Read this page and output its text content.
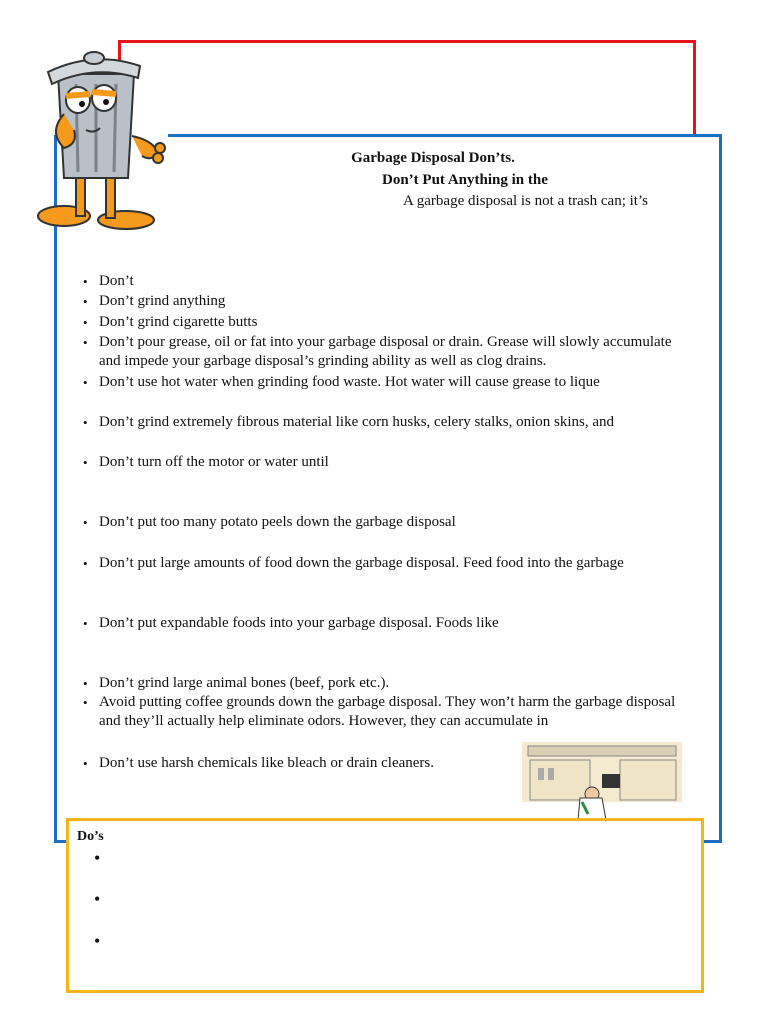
Garbage Disposal Don’ts.
Don’t Put Anything in the
A garbage disposal is not a trash can; it’s
• Don’t
• Don’t grind anything
• Don’t grind cigarette butts
• Don’t pour grease, oil or fat into your garbage disposal or drain. Grease will slowly accumulate and impede your garbage disposal’s grinding ability as well as clog drains.
• Don’t use hot water when grinding food waste. Hot water will cause grease to lique
• Don’t grind extremely fibrous material like corn husks, celery stalks, onion skins, and
• Don’t turn off the motor or water until
• Don’t put too many potato peels down the garbage disposal
• Don’t put large amounts of food down the garbage disposal. Feed food into the garbage
• Don’t put expandable foods into your garbage disposal. Foods like
• Don’t grind large animal bones (beef, pork etc.).
• Avoid putting coffee grounds down the garbage disposal. They won’t harm the garbage disposal and they’ll actually help eliminate odors. However, they can accumulate in
• Don’t use harsh chemicals like bleach or drain cleaners.
Do’s
•
•
•
